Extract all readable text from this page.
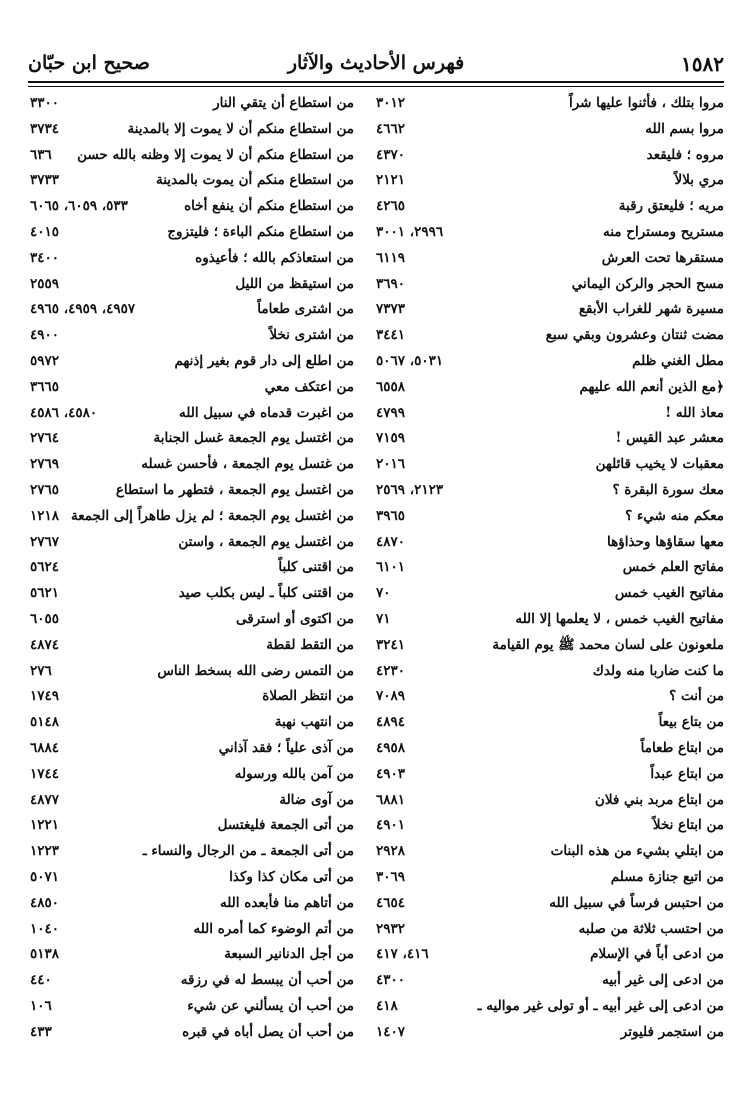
١٥٨٢
فهرس الأحاديث والآثار
صحيح ابن حبّان
مروا بتلك ، فأثنوا عليها شراً
٣٠١٢
مروا بسم الله
٤٦٦٢
مروه ؛ فليقعد
٤٣٧٠
مري بلالاً
٢١٢١
مريه ؛ فليعتق رقبة
٤٢٦٥
مستريح ومستراح منه
٢٩٩٦، ٣٠٠١
مستقرها تحت العرش
٦١١٩
مسح الحجر والركن اليماني
٣٦٩٠
مسيرة شهر للغراب الأبقع
٧٣٧٣
مضت ثنتان وعشرون وبقي سبع
٣٤٤١
مطل الغني ظلم
٥٠٣١، ٥٠٦٧
﴿مع الذين أنعم الله عليهم
٦٥٥٨
معاذ الله !
٤٧٩٩
معشر عبد القيس !
٧١٥٩
معقبات لا يخيب قائلهن
٢٠١٦
معك سورة البقرة ؟
٢١٢٣، ٢٥٦٩
معكم منه شيء ؟
٣٩٦٥
معها سقاؤها وحذاؤها
٤٨٧٠
مفاتح العلم خمس
٦١٠١
مفاتيح الغيب خمس
٧٠
مفاتيح الغيب خمس ، لا يعلمها إلا الله
٧١
ملعونون على لسان محمد ﷺ يوم القيامة
٣٢٤١
ما كنت ضاربا منه ولدك
٤٢٣٠
من أنت ؟
٧٠٨٩
من بتاع بيعاً
٤٨٩٤
من ابتاع طعاماً
٤٩٥٨
من ابتاع عبداً
٤٩٠٣
من ابتاع مربد بني فلان
٦٨٨١
من ابتاع نخلاً
٤٩٠١
من ابتلي بشيء من هذه البنات
٢٩٢٨
من اتبع جنازة مسلم
٣٠٦٩
من احتبس فرساً في سبيل الله
٤٦٥٤
من احتسب ثلاثة من صلبه
٢٩٣٢
من ادعى أباً في الإسلام
٤١٦، ٤١٧
من ادعى إلى غير أبيه
٤٣٠٠
من ادعى إلى غير أبيه ـ أو تولى غير مواليه ـ
٤١٨
من استجمر فليوتر
١٤٠٧
من استطاع أن يتقي النار
٣٣٠٠
من استطاع منكم أن لا يموت إلا بالمدينة
٣٧٣٤
من استطاع منكم أن لا يموت إلا وظنه بالله حسن
٦٣٦
من استطاع منكم أن يموت بالمدينة
٣٧٣٣
من استطاع منكم أن ينفع أخاه
٥٣٣، ٦٠٥٩، ٦٠٦٥
من استطاع منكم الباءة ؛ فليتزوج
٤٠١٥
من استعاذكم بالله ؛ فأعيذوه
٣٤٠٠
من استيقظ من الليل
٢٥٥٩
من اشترى طعاماً
٤٩٥٧، ٤٩٥٩، ٤٩٦٥
من اشترى نخلاً
٤٩٠٠
من اطلع إلى دار قوم بغير إذنهم
٥٩٧٢
من اعتكف معي
٣٦٦٥
من اغبرت قدماه في سبيل الله
٤٥٨٠، ٤٥٨٦
من اغتسل يوم الجمعة غسل الجنابة
٢٧٦٤
من غتسل يوم الجمعة ، فأحسن غسله
٢٧٦٩
من اغتسل يوم الجمعة ، فتطهر ما استطاع
٢٧٦٥
من اغتسل يوم الجمعة ؛ لم يزل طاهراً إلى الجمعة
١٢١٨
من اغتسل يوم الجمعة ، واستن
٢٧٦٧
من اقتنى كلباً
٥٦٢٤
من اقتنى كلباً ـ ليس بكلب صيد
٥٦٢١
من اكتوى أو استرقى
٦٠٥٥
من التقط لقطة
٤٨٧٤
من التمس رضى الله بسخط الناس
٢٧٦
من انتظر الصلاة
١٧٤٩
من انتهب نهبة
٥١٤٨
من آذى علياً ؛ فقد آذاني
٦٨٨٤
من آمن بالله ورسوله
١٧٤٤
من آوى ضالة
٤٨٧٧
من أتى الجمعة فليغتسل
١٢٢١
من أتى الجمعة ـ من الرجال والنساء ـ
١٢٢٣
من أتى مكان كذا وكذا
٥٠٧١
من أتاهم منا فأبعده الله
٤٨٥٠
من أتم الوضوء كما أمره الله
١٠٤٠
من أجل الدنانير السبعة
٥١٣٨
من أحب أن يبسط له في رزقه
٤٤٠
من أحب أن يسألني عن شيء
١٠٦
من أحب أن يصل أباه في قبره
٤٣٣
